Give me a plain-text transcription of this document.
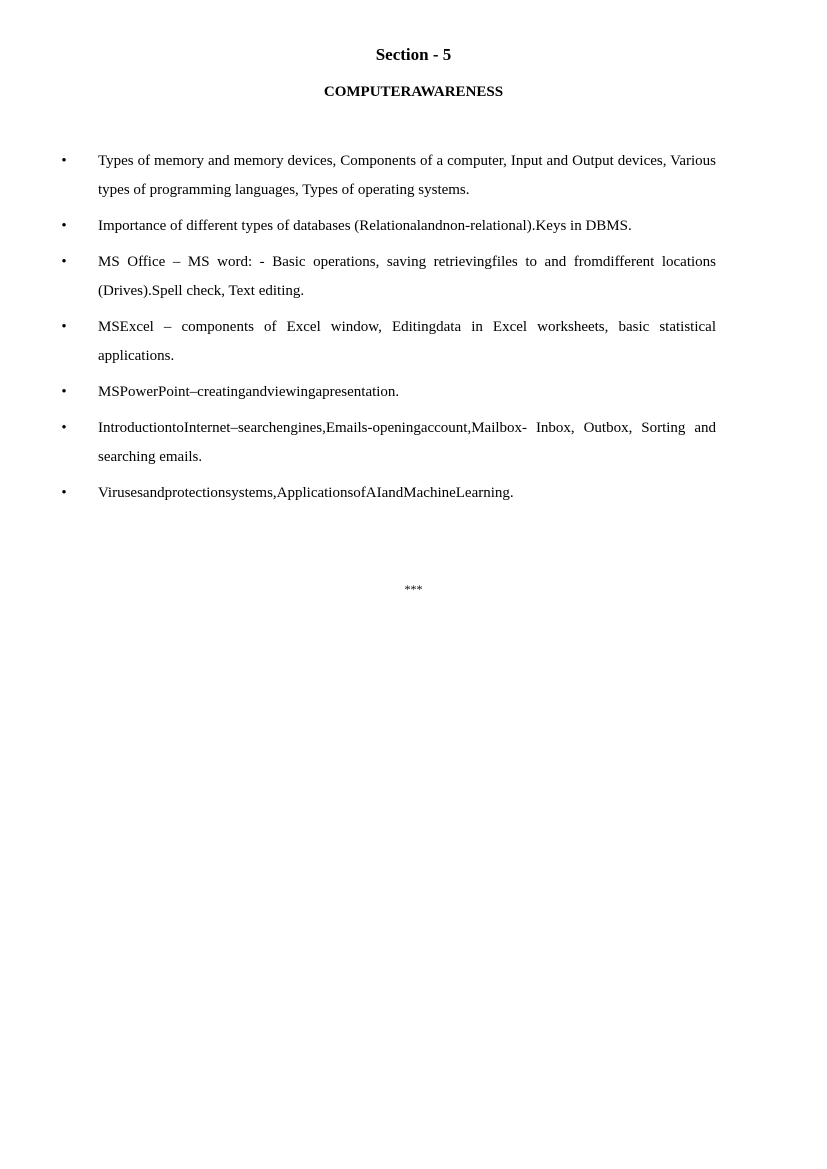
Section - 5
COMPUTERAWARENESS
• Types of memory and memory devices, Components of a computer, Input and Output devices, Various types of programming languages, Types of operating systems.
• Importance of different types of databases (Relationalandnon-relational).Keys in DBMS.
• MS Office – MS word: - Basic operations, saving retrievingfiles to and fromdifferent locations (Drives).Spell check, Text editing.
• MSExcel – components of Excel window, Editingdata in Excel worksheets, basic statistical applications.
• MSPowerPoint–creatingandviewingapresentation.
• IntroductiontoInternet–searchengines,Emails-openingaccount,Mailbox- Inbox, Outbox, Sorting and searching emails.
• Virusesandprotectionsystems,ApplicationsofAIandMachineLearning.
***
